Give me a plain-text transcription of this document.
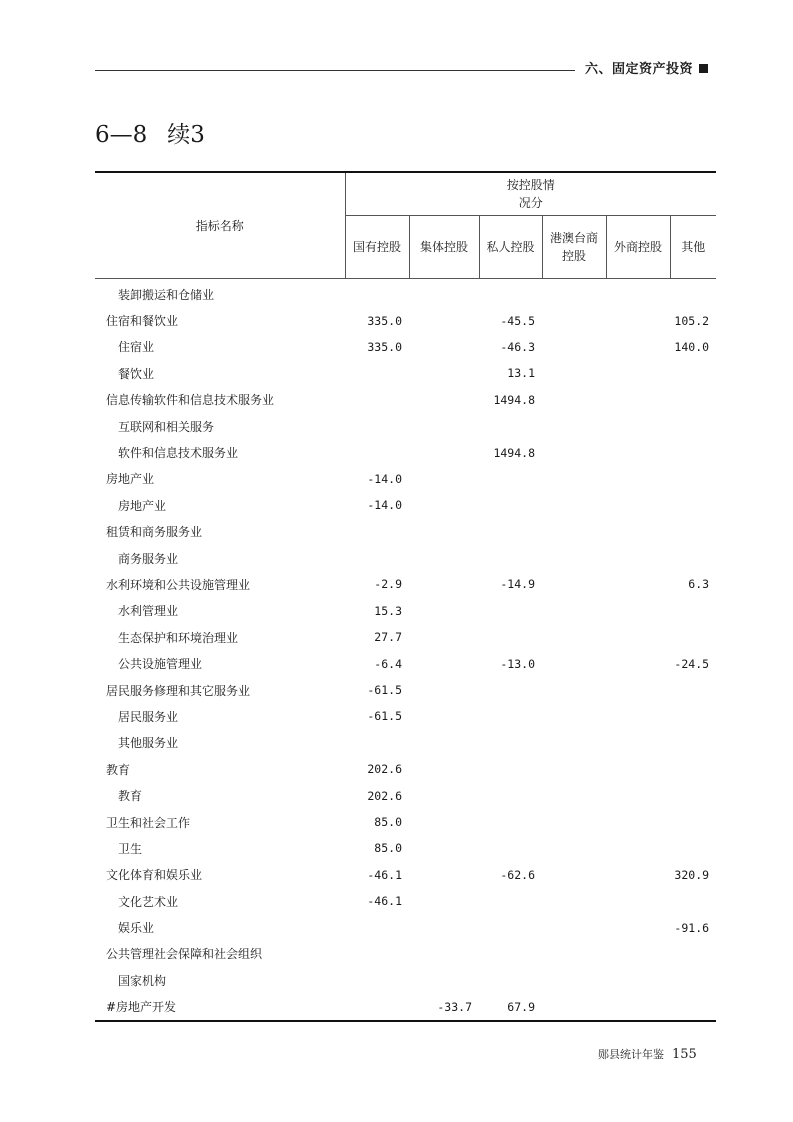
六、固定资产投资
6—8 续3
指标名称	按控股情
况分					
	国有控股	集体控股	私人控股	港澳台商
控股	外商控股	其他
装卸搬运和仓储业						
住宿和餐饮业	335.0		-45.5			105.2
住宿业	335.0		-46.3			140.0
餐饮业			13.1			
信息传输软件和信息技术服务业			1494.8			
互联网和相关服务						
软件和信息技术服务业			1494.8			
房地产业	-14.0					
房地产业	-14.0					
租赁和商务服务业						
商务服务业						
水利环境和公共设施管理业	-2.9		-14.9			6.3
水利管理业	15.3					
生态保护和环境治理业	27.7					
公共设施管理业	-6.4		-13.0			-24.5
居民服务修理和其它服务业	-61.5					
居民服务业	-61.5					
其他服务业						
教育	202.6					
教育	202.6					
卫生和社会工作	85.0					
卫生	85.0					
文化体育和娱乐业	-46.1		-62.6			320.9
文化艺术业	-46.1					
娱乐业						-91.6
公共管理社会保障和社会组织						
国家机构						
#房地产开发		-33.7	67.9			
郧县统计年鉴 155
